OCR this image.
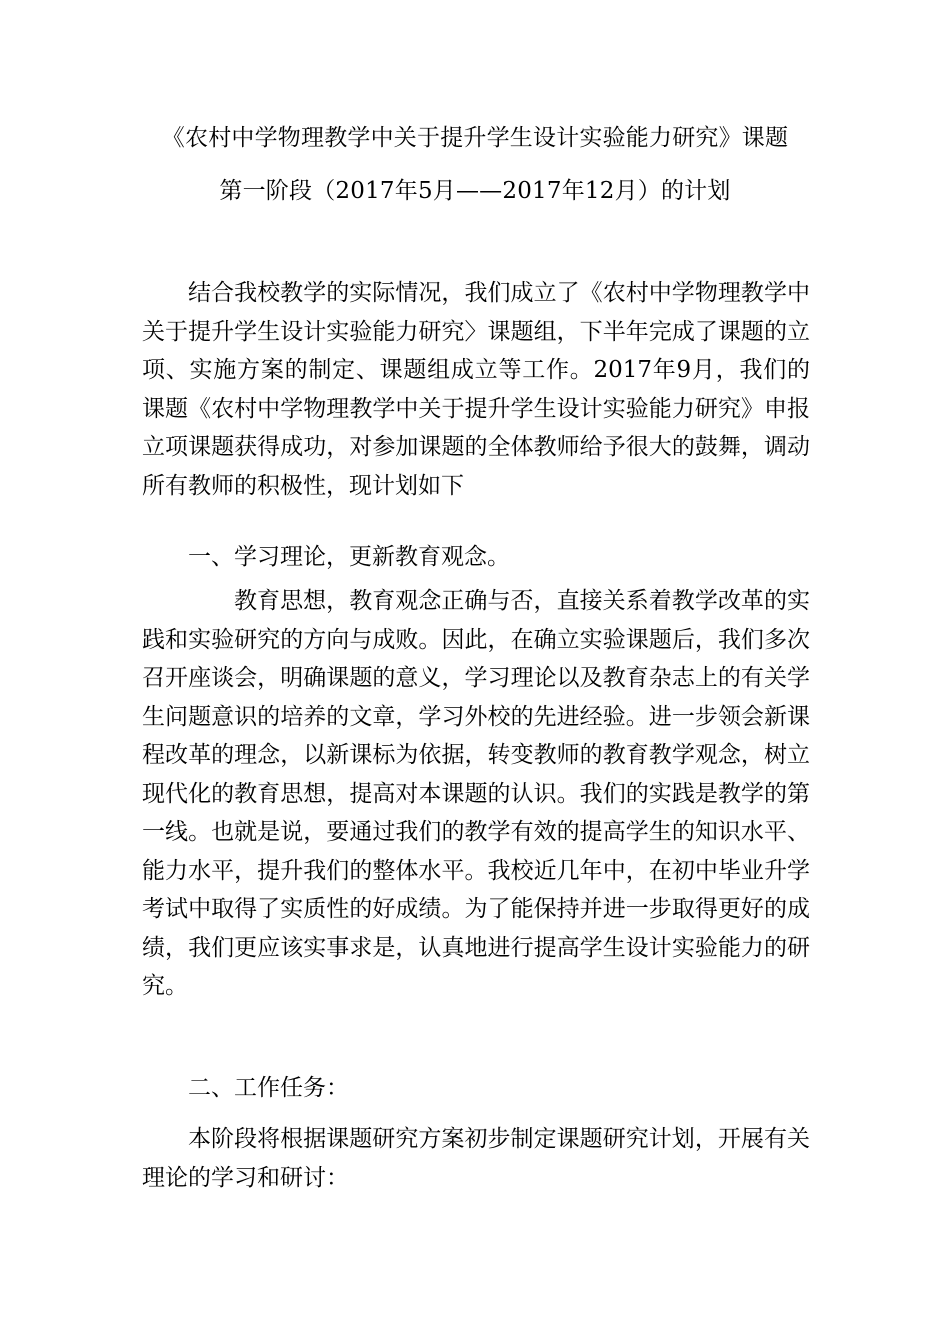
《农村中学物理教学中关于提升学生设计实验能力研究》课题
第一阶段（2017年5月——2017年12月）的计划

结合我校教学的实际情况，我们成立了《农村中学物理教学中关于提升学生设计实验能力研究〉课题组，下半年完成了课题的立项、实施方案的制定、课题组成立等工作。2017年9月，我们的课题《农村中学物理教学中关于提升学生设计实验能力研究》申报立项课题获得成功，对参加课题的全体教师给予很大的鼓舞，调动所有教师的积极性，现计划如下

一、学习理论，更新教育观念。

教育思想，教育观念正确与否，直接关系着教学改革的实践和实验研究的方向与成败。因此，在确立实验课题后，我们多次召开座谈会，明确课题的意义，学习理论以及教育杂志上的有关学生问题意识的培养的文章，学习外校的先进经验。进一步领会新课程改革的理念，以新课标为依据，转变教师的教育教学观念，树立现代化的教育思想，提高对本课题的认识。我们的实践是教学的第一线。也就是说，要通过我们的教学有效的提高学生的知识水平、能力水平，提升我们的整体水平。我校近几年中，在初中毕业升学考试中取得了实质性的好成绩。为了能保持并进一步取得更好的成绩，我们更应该实事求是，认真地进行提高学生设计实验能力的研究。

二、工作任务：

本阶段将根据课题研究方案初步制定课题研究计划，开展有关理论的学习和研讨：
